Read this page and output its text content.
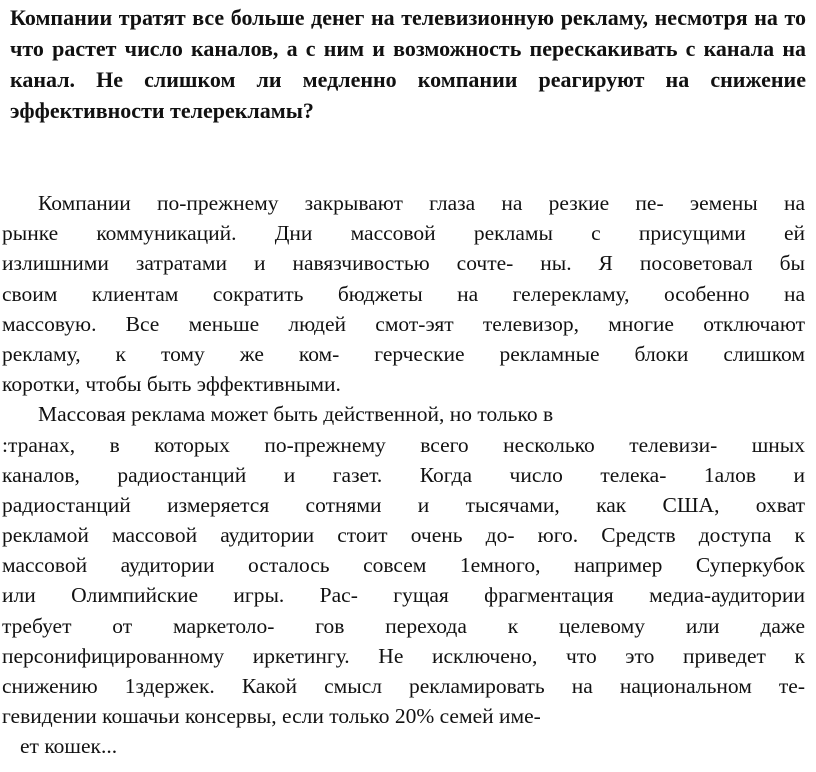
Компании тратят все больше денег на телевизионную рекламу, несмотря на то что растет число каналов, а с ним и возможность перескакивать с канала на канал. Не слишком ли медленно компании реагируют на снижение эффективности телерекламы?

Компании по-прежнему закрывают глаза на резкие пе- эемены на
рынке коммуникаций. Дни массовой рекламы с присущими ей
излишними затратами и навязчивостью сочте- ны. Я посоветовал бы
своим клиентам сократить бюджеты на гелерекламу, особенно на
массовую. Все меньше людей смот-эят телевизор, многие отключают
рекламу, к тому же ком- герческие рекламные блоки слишком
коротки, чтобы быть эффективными.
Массовая реклама может быть действенной, но только в
:транах, в которых по-прежнему всего несколько телевизи- шных
каналов, радиостанций и газет. Когда число телека- 1алов и
радиостанций измеряется сотнями и тысячами, как США, охват
рекламой массовой аудитории стоит очень до- юго. Средств доступа к
массовой аудитории осталось совсем 1емного, например Суперкубок
или Олимпийские игры. Рас- гущая фрагментация медиа-аудитории
требует от маркетоло- гов перехода к целевому или даже
персонифицированному иркетингу. Не исключено, что это приведет к
снижению 1здержек. Какой смысл рекламировать на национальном те-
гевидении кошачьи консервы, если только 20% семей име-
ет кошек...
